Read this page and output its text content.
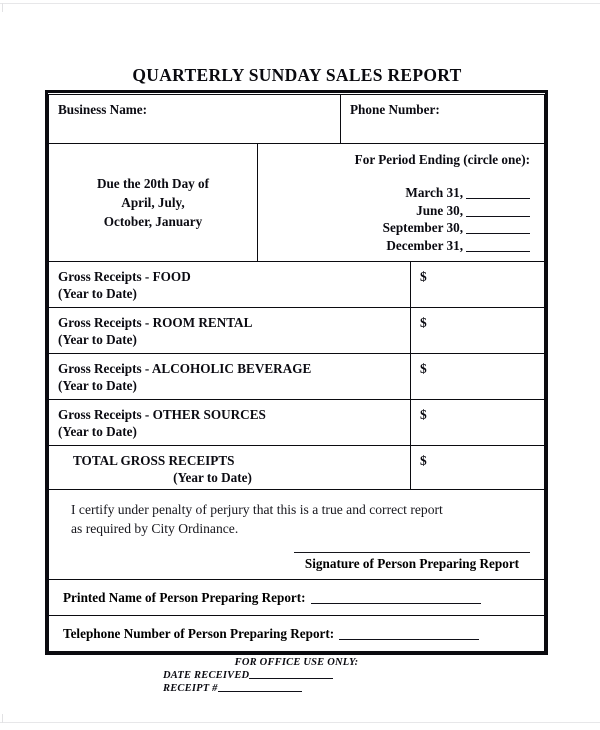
QUARTERLY SUNDAY SALES REPORT
Business Name:	Phone Number:
Due the 20th Day of
April, July,
October, January
For Period Ending (circle one):
March 31,
June 30,
September 30,
December 31,
Gross Receipts - FOOD
(Year to Date)
$
Gross Receipts - ROOM RENTAL
(Year to Date)
$
Gross Receipts - ALCOHOLIC BEVERAGE
(Year to Date)
$
Gross Receipts - OTHER SOURCES
(Year to Date)
$
TOTAL GROSS RECEIPTS
(Year to Date)
$
I certify under penalty of perjury that this is a true and correct report
as required by City Ordinance.
Signature of Person Preparing Report
Printed Name of Person Preparing Report:
Telephone Number of Person Preparing Report:
FOR OFFICE USE ONLY:
DATE RECEIVED
RECEIPT #
